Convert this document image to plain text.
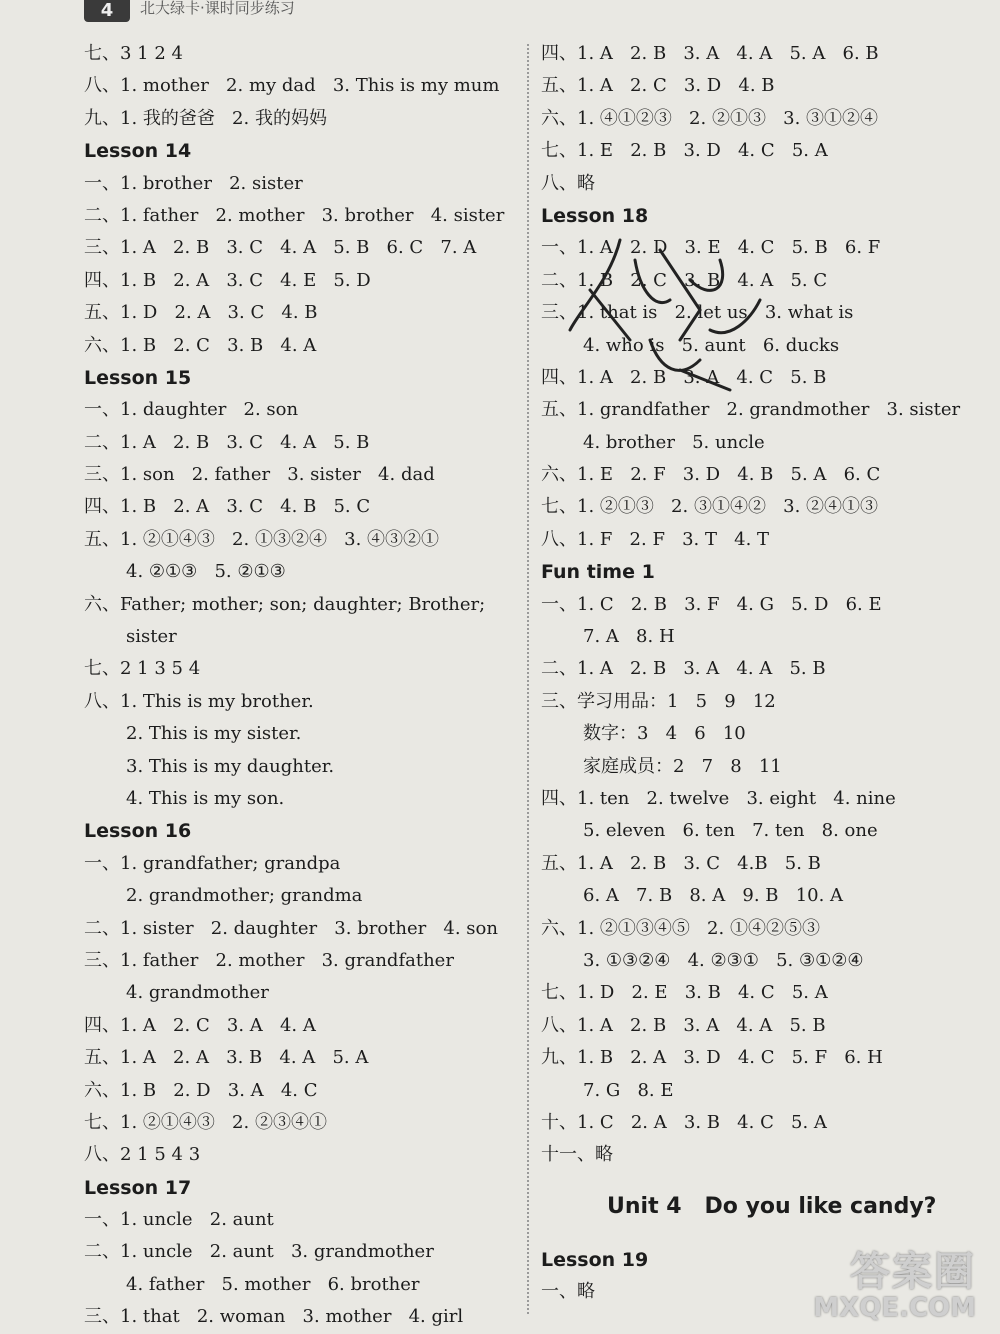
4	北大绿卡·课时同步练习
七、3 1 2 4
八、1. mother   2. my dad   3. This is my mum
九、1. 我的爸爸   2. 我的妈妈
Lesson 14
一、1. brother   2. sister
二、1. father   2. mother   3. brother   4. sister
三、1. A   2. B   3. C   4. A   5. B   6. C   7. A
四、1. B   2. A   3. C   4. E   5. D
五、1. D   2. A   3. C   4. B
六、1. B   2. C   3. B   4. A
Lesson 15
一、1. daughter   2. son
二、1. A   2. B   3. C   4. A   5. B
三、1. son   2. father   3. sister   4. dad
四、1. B   2. A   3. C   4. B   5. C
五、1. ②①④③   2. ①③②④   3. ④③②①
4. ②①③   5. ②①③
六、Father; mother; son; daughter; Brother;
sister
七、2 1 3 5 4
八、1. This is my brother.
2. This is my sister.
3. This is my daughter.
4. This is my son.
Lesson 16
一、1. grandfather; grandpa
2. grandmother; grandma
二、1. sister   2. daughter   3. brother   4. son
三、1. father   2. mother   3. grandfather
4. grandmother
四、1. A   2. C   3. A   4. A
五、1. A   2. A   3. B   4. A   5. A
六、1. B   2. D   3. A   4. C
七、1. ②①④③   2. ②③④①
八、2 1 5 4 3
Lesson 17
一、1. uncle   2. aunt
二、1. uncle   2. aunt   3. grandmother
4. father   5. mother   6. brother
三、1. that   2. woman   3. mother   4. girl
四、1. A   2. B   3. A   4. A   5. A   6. B
五、1. A   2. C   3. D   4. B
六、1. ④①②③   2. ②①③   3. ③①②④
七、1. E   2. B   3. D   4. C   5. A
八、略
Lesson 18
一、1. A   2. D   3. E   4. C   5. B   6. F
二、1. B   2. C   3. B   4. A   5. C
三、1. that is   2. let us   3. what is
4. who is   5. aunt   6. ducks
四、1. A   2. B   3. A   4. C   5. B
五、1. grandfather   2. grandmother   3. sister
4. brother   5. uncle
六、1. E   2. F   3. D   4. B   5. A   6. C
七、1. ②①③   2. ③①④②   3. ②④①③
八、1. F   2. F   3. T   4. T
Fun time 1
一、1. C   2. B   3. F   4. G   5. D   6. E
7. A   8. H
二、1. A   2. B   3. A   4. A   5. B
三、学习用品：1   5   9   12
数字：3   4   6   10
家庭成员：2   7   8   11
四、1. ten   2. twelve   3. eight   4. nine
5. eleven   6. ten   7. ten   8. one
五、1. A   2. B   3. C   4.B   5. B
6. A   7. B   8. A   9. B   10. A
六、1. ②①③④⑤   2. ①④②⑤③
3. ①③②④   4. ②③①   5. ③①②④
七、1. D   2. E   3. B   4. C   5. A
八、1. A   2. B   3. A   4. A   5. B
九、1. B   2. A   3. D   4. C   5. F   6. H
7. G   8. E
十、1. C   2. A   3. B   4. C   5. A
十一、略
Unit 4   Do you like candy?
Lesson 19
一、略	答案圈
MXQE.COM
